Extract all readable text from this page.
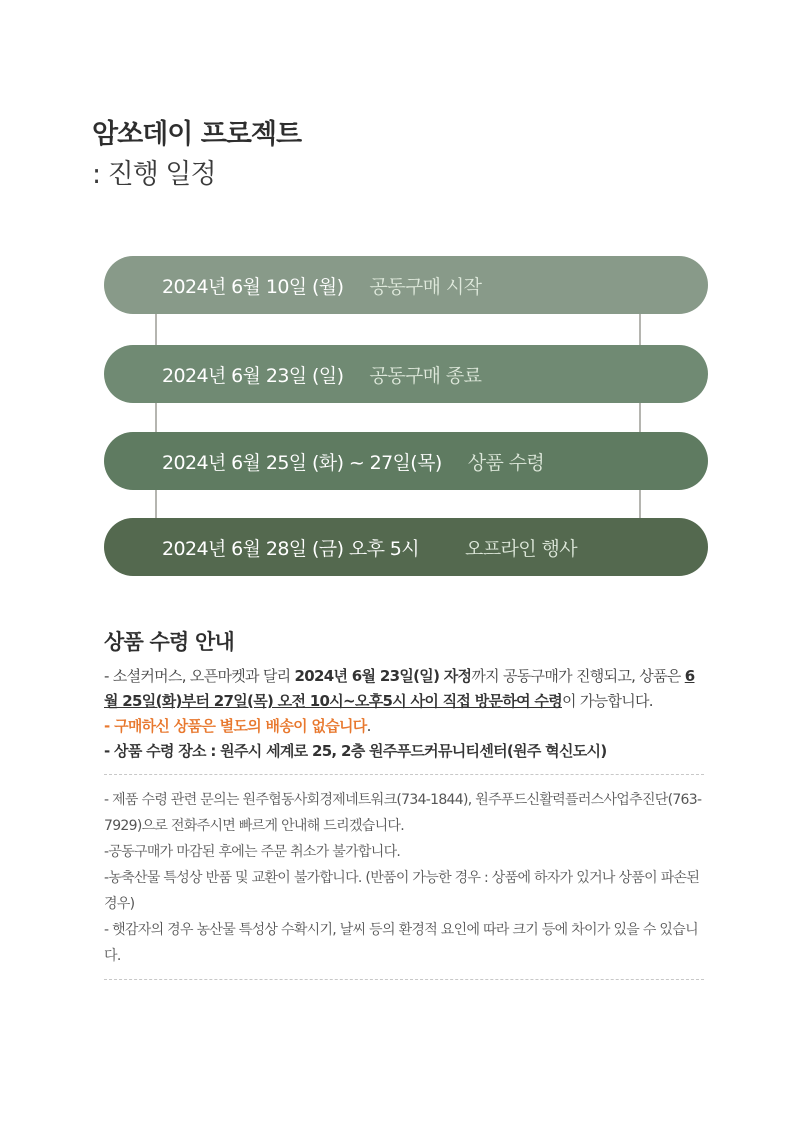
암쏘데이 프로젝트
: 진행 일정
2024년 6월 10일 (월) 공동구매 시작
2024년 6월 23일 (일) 공동구매 종료
2024년 6월 25일 (화) ~ 27일(목) 상품 수령
2024년 6월 28일 (금) 오후 5시 오프라인 행사
상품 수령 안내
- 소셜커머스, 오픈마켓과 달리 2024년 6월 23일(일) 자정까지 공동구매가 진행되고, 상품은 6월 25일(화)부터 27일(목) 오전 10시~오후5시 사이 직접 방문하여 수령이 가능합니다.
- 구매하신 상품은 별도의 배송이 없습니다.
- 상품 수령 장소 : 원주시 세계로 25, 2층 원주푸드커뮤니티센터(원주 혁신도시)
- 제품 수령 관련 문의는 원주협동사회경제네트워크(734-1844), 원주푸드신활력플러스사업추진단(763-7929)으로 전화주시면 빠르게 안내해 드리겠습니다.
-공동구매가 마감된 후에는 주문 취소가 불가합니다.
-농축산물 특성상 반품 및 교환이 불가합니다. (반품이 가능한 경우 : 상품에 하자가 있거나 상품이 파손된 경우)
- 햇감자의 경우 농산물 특성상 수확시기, 날씨 등의 환경적 요인에 따라 크기 등에 차이가 있을 수 있습니다.
